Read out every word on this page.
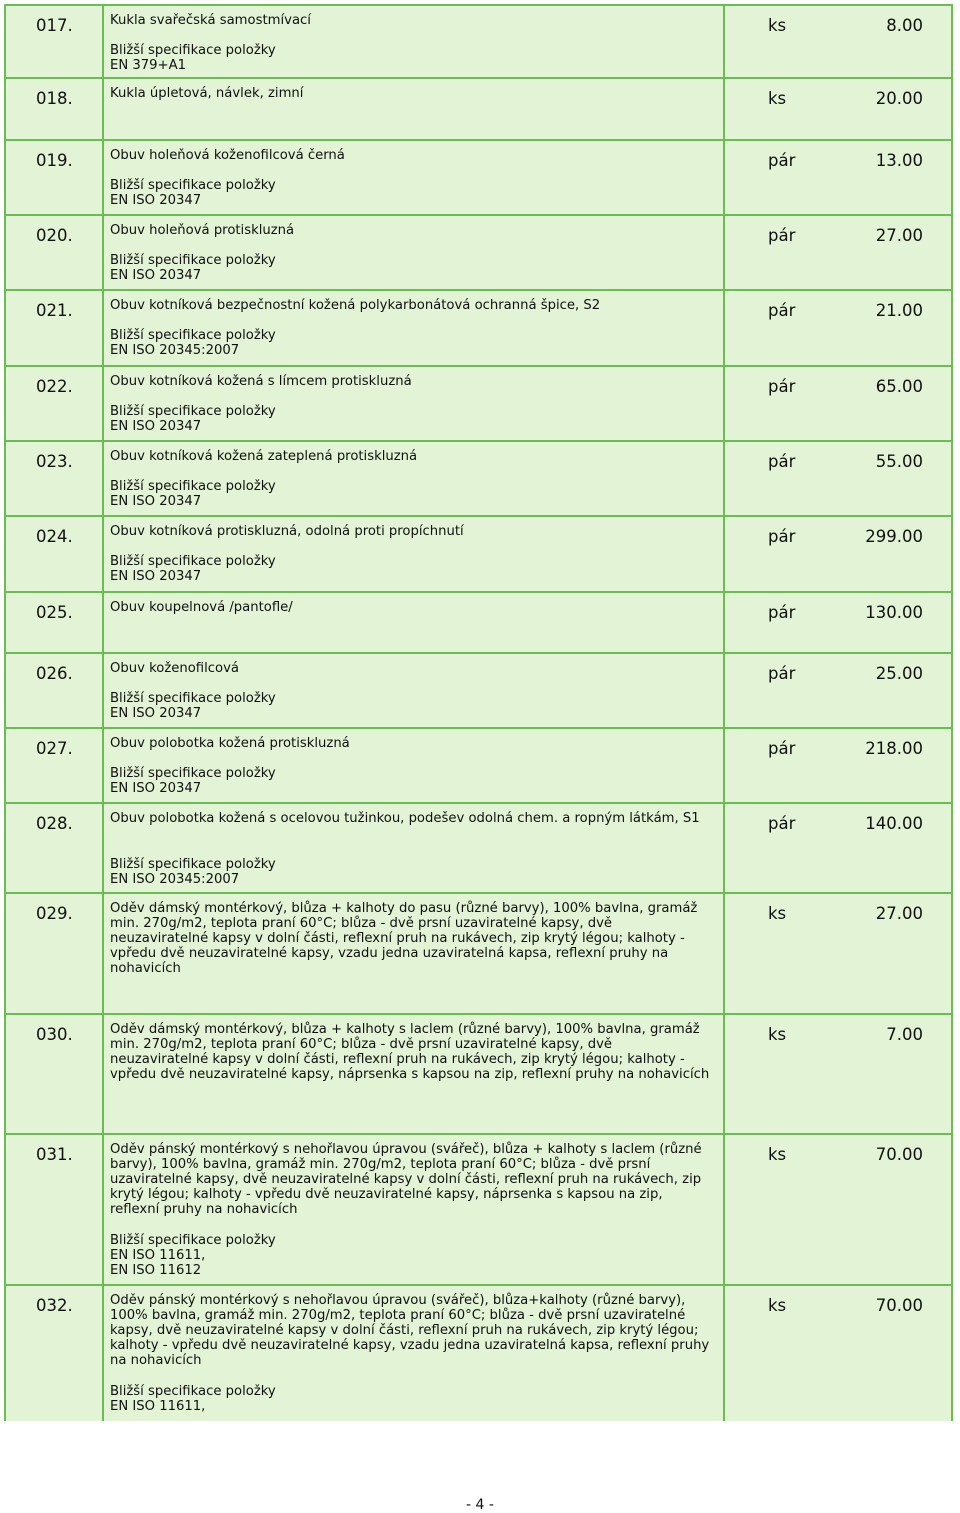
017.	Kukla svařečská samostmívací
Bližší specifikace položky
EN 379+A1
ks	8.00
018.	Kukla úpletová, návlek, zimní	ks	20.00
019.	Obuv holeňová koženofilcová černá
Bližší specifikace položky
EN ISO 20347
pár	13.00
020.	Obuv holeňová protiskluzná
Bližší specifikace položky
EN ISO 20347
pár	27.00
021.	Obuv kotníková bezpečnostní kožená polykarbonátová ochranná špice, S2
Bližší specifikace položky
EN ISO 20345:2007
pár	21.00
022.	Obuv kotníková kožená s límcem protiskluzná
Bližší specifikace položky
EN ISO 20347
pár	65.00
023.	Obuv kotníková kožená zateplená protiskluzná
Bližší specifikace položky
EN ISO 20347
pár	55.00
024.	Obuv kotníková protiskluzná, odolná proti propíchnutí
Bližší specifikace položky
EN ISO 20347
pár	299.00
025.	Obuv koupelnová /pantofle/	pár	130.00
026.	Obuv koženofilcová
Bližší specifikace položky
EN ISO 20347
pár	25.00
027.	Obuv polobotka kožená protiskluzná
Bližší specifikace položky
EN ISO 20347
pár	218.00
028.	Obuv polobotka kožená s ocelovou tužinkou, podešev odolná chem. a ropným látkám, S1
Bližší specifikace položky
EN ISO 20345:2007
pár	140.00
029.	Oděv dámský montérkový, blůza + kalhoty do pasu (různé barvy), 100% bavlna, gramáž min. 270g/m2, teplota praní 60°C; blůza - dvě prsní uzaviratelné kapsy, dvě neuzaviratelné kapsy v dolní části, reflexní pruh na rukávech, zip krytý légou; kalhoty - vpředu dvě neuzaviratelné kapsy, vzadu jedna uzaviratelná kapsa, reflexní pruhy na nohavicích
ks	27.00
030.	Oděv dámský montérkový, blůza + kalhoty s laclem (různé barvy), 100% bavlna, gramáž min. 270g/m2, teplota praní 60°C; blůza - dvě prsní uzaviratelné kapsy, dvě neuzaviratelné kapsy v dolní části, reflexní pruh na rukávech, zip krytý légou; kalhoty - vpředu dvě neuzaviratelné kapsy, náprsenka s kapsou na zip, reflexní pruhy na nohavicích
ks	7.00
031.	Oděv pánský montérkový s nehořlavou úpravou (svářeč), blůza + kalhoty s laclem (různé barvy), 100% bavlna, gramáž min. 270g/m2, teplota praní 60°C; blůza - dvě prsní uzaviratelné kapsy, dvě neuzaviratelné kapsy v dolní části, reflexní pruh na rukávech, zip krytý légou; kalhoty - vpředu dvě neuzaviratelné kapsy, náprsenka s kapsou na zip, reflexní pruhy na nohavicích
Bližší specifikace položky
EN ISO 11611,
EN ISO 11612
ks	70.00
032.	Oděv pánský montérkový s nehořlavou úpravou (svářeč), blůza+kalhoty (různé barvy), 100% bavlna, gramáž min. 270g/m2, teplota praní 60°C; blůza - dvě prsní uzaviratelné kapsy, dvě neuzaviratelné kapsy v dolní části, reflexní pruh na rukávech, zip krytý légou; kalhoty - vpředu dvě neuzaviratelné kapsy, vzadu jedna uzaviratelná kapsa, reflexní pruhy na nohavicích
Bližší specifikace položky
EN ISO 11611,
ks	70.00
- 4 -
